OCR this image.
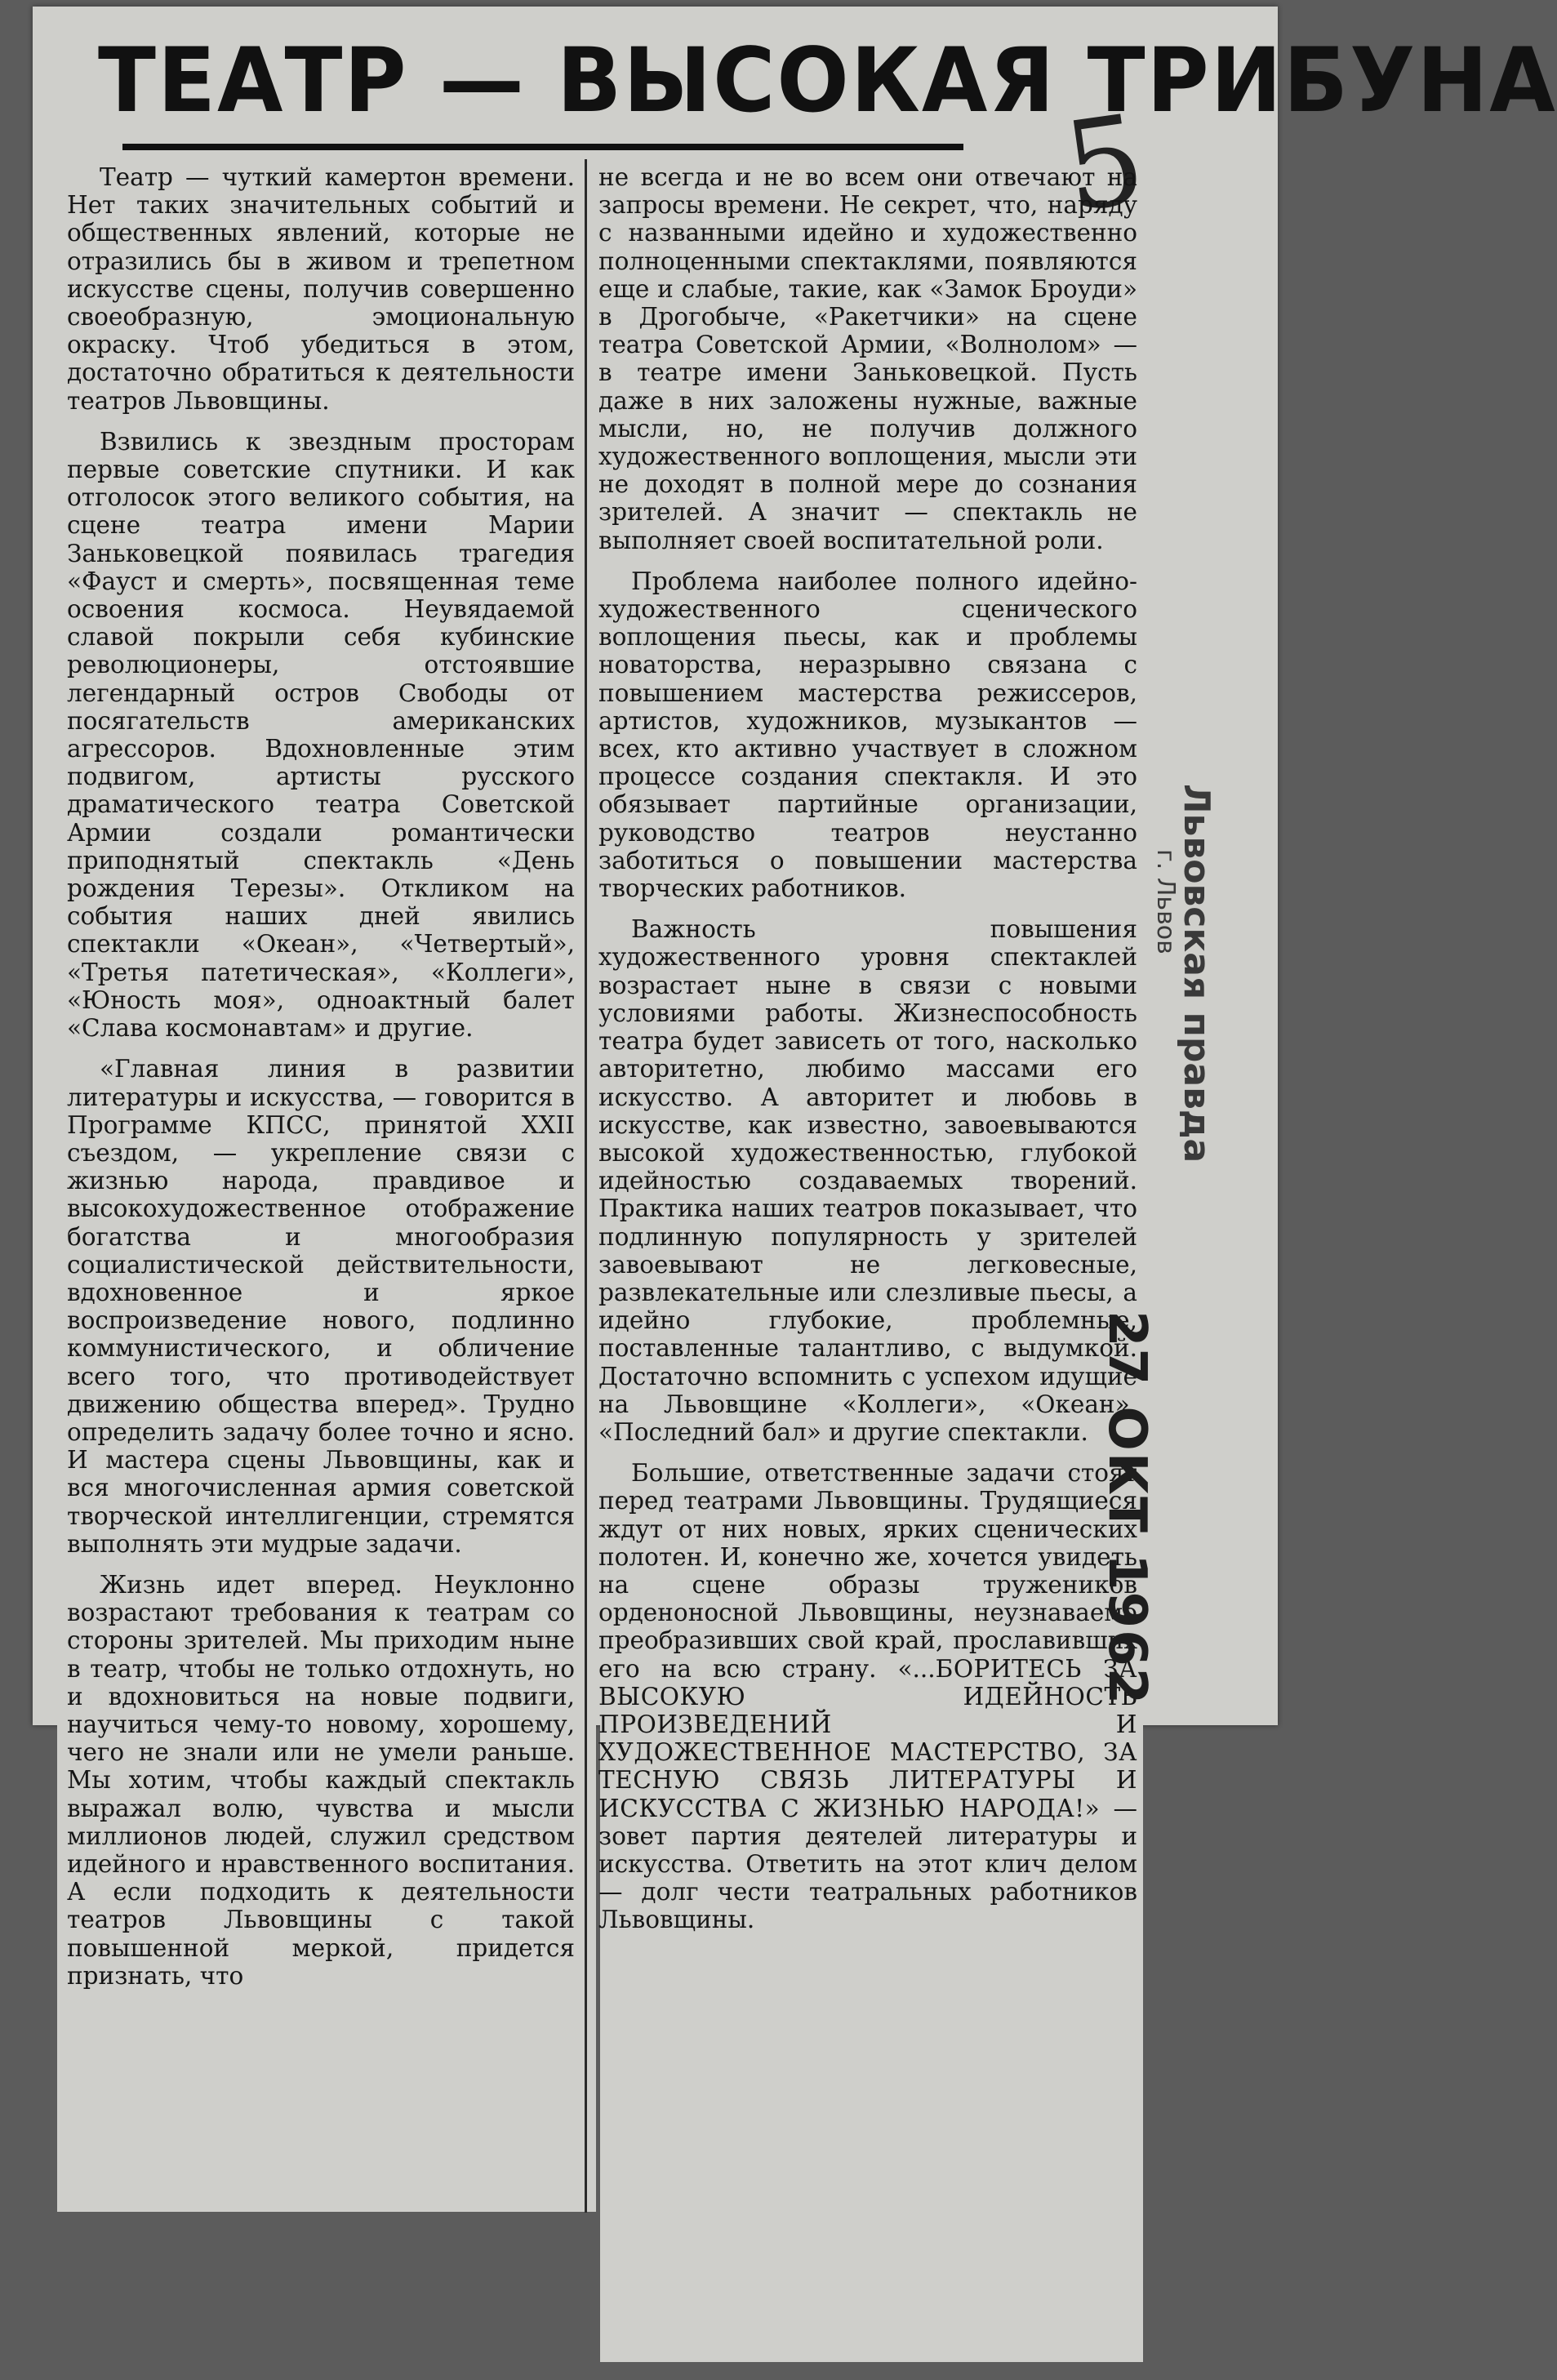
ТЕАТР — ВЫСОКАЯ ТРИБУНА
5

Театр — чуткий камертон времени. Нет таких значительных событий и общественных явлений, которые не отразились бы в живом и трепетном искусстве сцены, получив совершенно своеобразную, эмоциональную окраску. Чтоб убедиться в этом, достаточно обратиться к деятельности театров Львовщины.

Взвились к звездным просторам первые советские спутники. И как отголосок этого великого события, на сцене театра имени Марии Заньковецкой появилась трагедия «Фауст и смерть», посвященная теме освоения космоса. Неувядаемой славой покрыли себя кубинские революционеры, отстоявшие легендарный остров Свободы от посягательств американских агрессоров. Вдохновленные этим подвигом, артисты русского драматического театра Советской Армии создали романтически приподнятый спектакль «День рождения Терезы». Откликом на события наших дней явились спектакли «Океан», «Четвертый», «Третья патетическая», «Коллеги», «Юность моя», одноактный балет «Слава космонавтам» и другие.

«Главная линия в развитии литературы и искусства, — говорится в Программе КПСС, принятой XXII съездом, — укрепление связи с жизнью народа, правдивое и высокохудожественное отображение богатства и многообразия социалистической действительности, вдохновенное и яркое воспроизведение нового, подлинно коммунистического, и обличение всего того, что противодействует движению общества вперед». Трудно определить задачу более точно и ясно. И мастера сцены Львовщины, как и вся многочисленная армия советской творческой интеллигенции, стремятся выполнять эти мудрые задачи.

Жизнь идет вперед. Неуклонно возрастают требования к театрам со стороны зрителей. Мы приходим ныне в театр, чтобы не только отдохнуть, но и вдохновиться на новые подвиги, научиться чему-то новому, хорошему, чего не знали или не умели раньше. Мы хотим, чтобы каждый спектакль выражал волю, чувства и мысли миллионов людей, служил средством идейного и нравственного воспитания. А если подходить к деятельности театров Львовщины с такой повышенной меркой, придется признать, что

не всегда и не во всем они отвечают на запросы времени. Не секрет, что, наряду с названными идейно и художественно полноценными спектаклями, появляются еще и слабые, такие, как «Замок Броуди» в Дрогобыче, «Ракетчики» на сцене театра Советской Армии, «Волнолом» — в театре имени Заньковецкой. Пусть даже в них заложены нужные, важные мысли, но, не получив должного художественного воплощения, мысли эти не доходят в полной мере до сознания зрителей. А значит — спектакль не выполняет своей воспитательной роли.

Проблема наиболее полного идейно-художественного сценического воплощения пьесы, как и проблемы новаторства, неразрывно связана с повышением мастерства режиссеров, артистов, художников, музыкантов — всех, кто активно участвует в сложном процессе создания спектакля. И это обязывает партийные организации, руководство театров неустанно заботиться о повышении мастерства творческих работников.

Важность повышения художественного уровня спектаклей возрастает ныне в связи с новыми условиями работы. Жизнеспособность театра будет зависеть от того, насколько авторитетно, любимо массами его искусство. А авторитет и любовь в искусстве, как известно, завоевываются высокой художественностью, глубокой идейностью создаваемых творений. Практика наших театров показывает, что подлинную популярность у зрителей завоевывают не легковесные, развлекательные или слезливые пьесы, а идейно глубокие, проблемные, поставленные талантливо, с выдумкой. Достаточно вспомнить с успехом идущие на Львовщине «Коллеги», «Океан», «Последний бал» и другие спектакли.

Большие, ответственные задачи стоят перед театрами Львовщины. Трудящиеся ждут от них новых, ярких сценических полотен. И, конечно же, хочется увидеть на сцене образы тружеников орденоносной Львовщины, неузнаваемо преобразивших свой край, прославивших его на всю страну. «...БОРИТЕСЬ ЗА ВЫСОКУЮ ИДЕЙНОСТЬ ПРОИЗВЕДЕНИЙ И ХУДОЖЕСТВЕННОЕ МАСТЕРСТВО, ЗА ТЕСНУЮ СВЯЗЬ ЛИТЕРАТУРЫ И ИСКУССТВА С ЖИЗНЬЮ НАРОДА!» — зовет партия деятелей литературы и искусства. Ответить на этот клич делом — долг чести театральных работников Львовщины.

Львовская правда
г. Львов
27 ОКТ 1962
